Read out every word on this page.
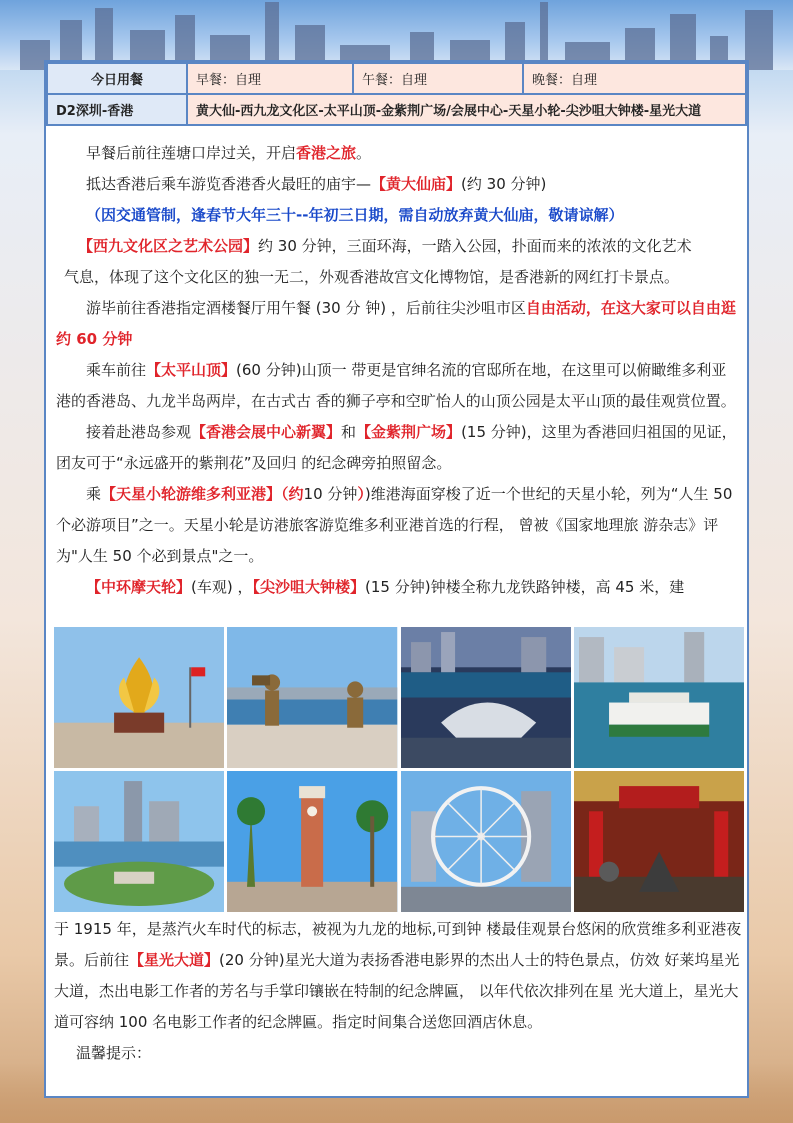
今日用餐	早餐：自理	午餐：自理	晚餐：自理
D2深圳-香港	黄大仙-西九龙文化区-太平山顶-金紫荆广场/会展中心-天星小轮-尖沙咀大钟楼-星光大道		

早餐后前往莲塘口岸过关，开启香港之旅。

抵达香港后乘车游览香港香火最旺的庙宇—【黄大仙庙】(约 30 分钟)

（因交通管制，逢春节大年三十--年初三日期，需自动放弃黄大仙庙，敬请谅解）

【西九文化区之艺术公园】约 30 分钟，三面环海，一踏入公园，扑面而来的浓浓的文化艺术

气息，体现了这个文化区的独一无二，外观香港故宫文化博物馆，是香港新的网红打卡景点。

游毕前往香港指定酒楼餐厅用午餐 (30 分 钟) ，后前往尖沙咀市区自由活动，在这大家可以自由逛约 60 分钟

乘车前往【太平山顶】(60 分钟)山顶一 带更是官绅名流的官邸所在地，在这里可以俯瞰维多利亚港的香港岛、九龙半岛两岸，在古式古 香的狮子亭和空旷怡人的山顶公园是太平山顶的最佳观赏位置。

接着赴港岛参观【香港会展中心新翼】和【金紫荆广场】(15 分钟)，这里为香港回归祖国的见证，团友可于“永远盛开的紫荆花”及回归 的纪念碑旁拍照留念。

乘【天星小轮游维多利亚港】（约10 分钟）)维港海面穿梭了近一个世纪的天星小轮，列为“人生 50 个必游项目”之一。天星小轮是访港旅客游览维多利亚港首选的行程， 曾被《国家地理旅 游杂志》评为"人生 50 个必到景点"之一。

【中环摩天轮】(车观) ，【尖沙咀大钟楼】(15 分钟)钟楼全称九龙铁路钟楼，高 45 米，建

于 1915 年，是蒸汽火车时代的标志，被视为九龙的地标,可到钟 楼最佳观景台悠闲的欣赏维多利亚港夜景。后前往【星光大道】(20 分钟)星光大道为表扬香港电影界的杰出人士的特色景点，仿效 好莱坞星光大道，杰出电影工作者的芳名与手掌印镶嵌在特制的纪念牌匾， 以年代依次排列在星 光大道上，星光大道可容纳 100 名电影工作者的纪念牌匾。指定时间集合送您回酒店休息。

温馨提示：
